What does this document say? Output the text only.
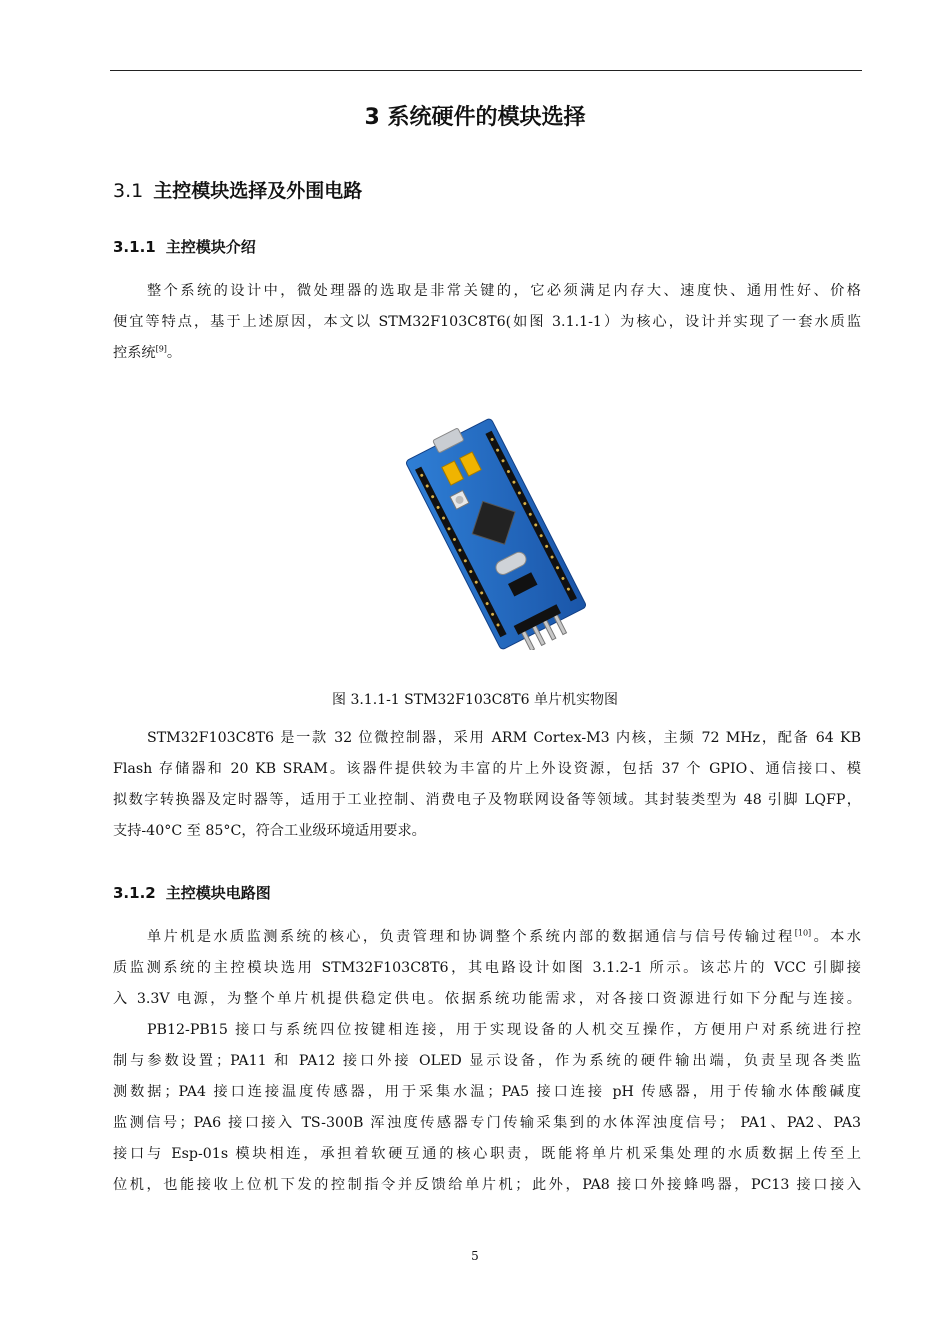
3 系统硬件的模块选择
3.1 主控模块选择及外围电路
3.1.1 主控模块介绍
整个系统的设计中，微处理器的选取是非常关键的，它必须满足内存大、速度快、通用性好、价格
便宜等特点，基于上述原因，本文以 STM32F103C8T6(如图 3.1.1-1）为核心，设计并实现了一套水质监
控系统[9]。
图 3.1.1-1 STM32F103C8T6 单片机实物图
STM32F103C8T6 是一款 32 位微控制器，采用 ARM Cortex-M3 内核，主频 72 MHz，配备 64 KB
Flash 存储器和 20 KB SRAM。该器件提供较为丰富的片上外设资源，包括 37 个 GPIO、通信接口、模
拟数字转换器及定时器等，适用于工业控制、消费电子及物联网设备等领域。其封装类型为 48 引脚 LQFP，
支持-40°C 至 85°C，符合工业级环境适用要求。
3.1.2 主控模块电路图
单片机是水质监测系统的核心，负责管理和协调整个系统内部的数据通信与信号传输过程[10]。本水
质监测系统的主控模块选用 STM32F103C8T6，其电路设计如图 3.1.2-1 所示。该芯片的 VCC 引脚接
入 3.3V 电源，为整个单片机提供稳定供电。依据系统功能需求，对各接口资源进行如下分配与连接。
PB12-PB15 接口与系统四位按键相连接，用于实现设备的人机交互操作，方便用户对系统进行控
制与参数设置；PA11 和 PA12 接口外接 OLED 显示设备，作为系统的硬件输出端，负责呈现各类监
测数据；PA4 接口连接温度传感器，用于采集水温；PA5 接口连接 pH 传感器，用于传输水体酸碱度
监测信号；PA6 接口接入 TS-300B 浑浊度传感器专门传输采集到的水体浑浊度信号； PA1、PA2、PA3
接口与 Esp-01s 模块相连，承担着软硬互通的核心职责，既能将单片机采集处理的水质数据上传至上
位机，也能接收上位机下发的控制指令并反馈给单片机；此外，PA8 接口外接蜂鸣器，PC13 接口接入
5
